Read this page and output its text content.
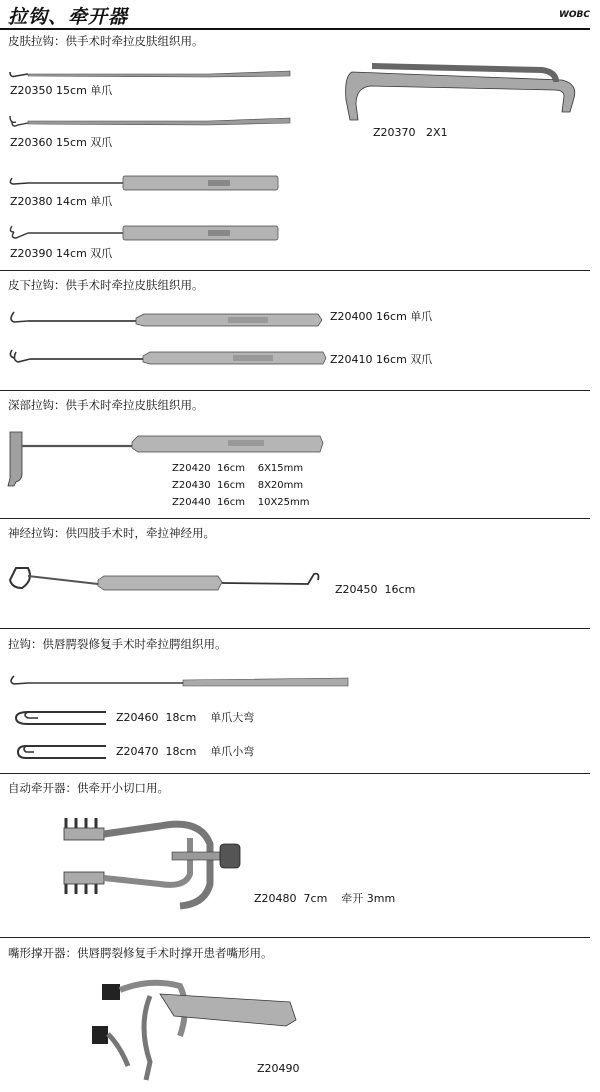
拉钩、牵开器	WOBC
皮肤拉钩：供手术时牵拉皮肤组织用。
Z20350 15cm 单爪
Z20360 15cm 双爪
Z20380 14cm 单爪
Z20390 14cm 双爪
Z20370 2X1
皮下拉钩：供手术时牵拉皮肤组织用。
Z20400 16cm 单爪
Z20410 16cm 双爪
深部拉钩：供手术时牵拉皮肤组织用。
Z20420 16cm 6X15mm
Z20430 16cm 8X20mm
Z20440 16cm 10X25mm
神经拉钩：供四肢手术时，牵拉神经用。
Z20450 16cm
拉钩：供唇腭裂修复手术时牵拉腭组织用。
Z20460 18cm 单爪大弯
Z20470 18cm 单爪小弯
自动牵开器：供牵开小切口用。
Z20480 7cm 牵开 3mm
嘴形撑开器：供唇腭裂修复手术时撑开患者嘴形用。
Z20490
